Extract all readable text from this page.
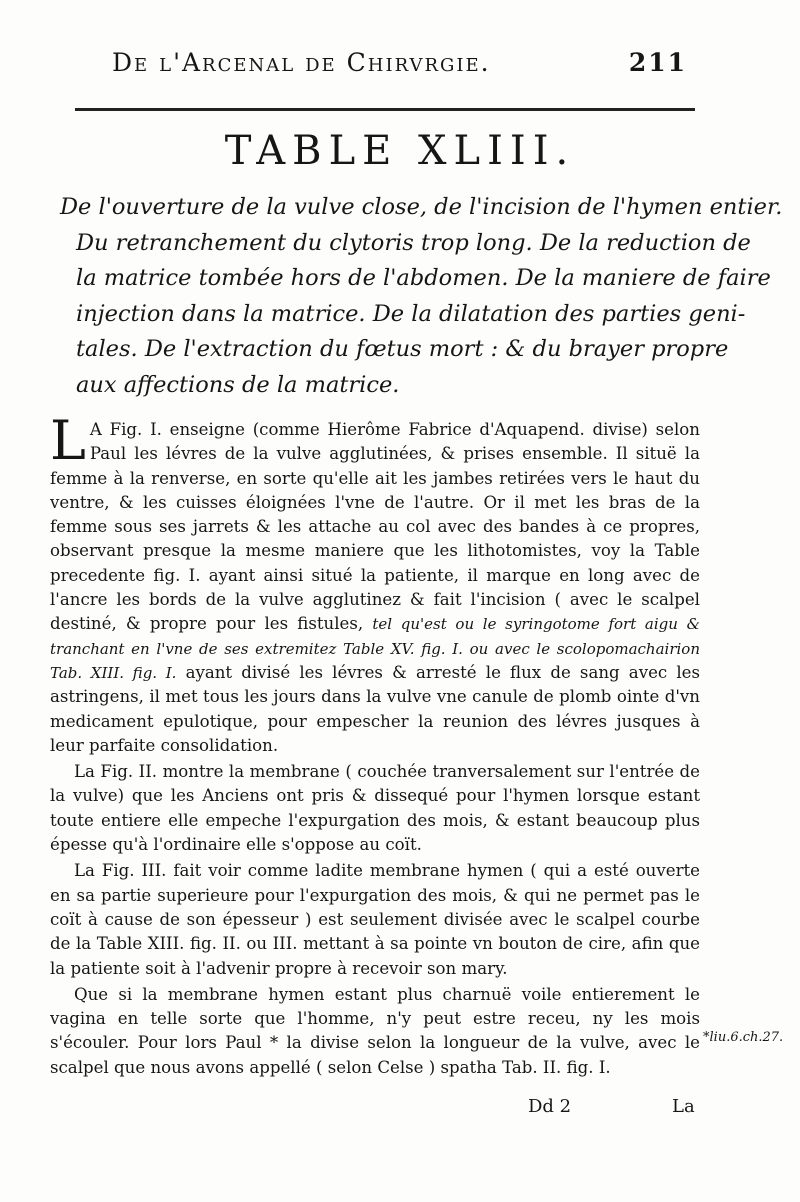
De l'Arcenal de Chirvrgie.	211
TABLE XLIII.
De l'ouverture de la vulve close, de l'incision de l'hymen entier.
Du retranchement du clytoris trop long. De la reduction de
la matrice tombée hors de l'abdomen. De la maniere de faire
injection dans la matrice. De la dilatation des parties geni-
tales. De l'extraction du fœtus mort : & du brayer propre
aux affections de la matrice.

L A Fig. I. enseigne (comme Hierôme Fabrice d'Aquapend. divise) selon Paul les lévres de la vulve agglutinées, & prises ensemble. Il situë la femme à la renverse, en sorte qu'elle ait les jambes retirées vers le haut du ventre, & les cuisses éloignées l'vne de l'autre. Or il met les bras de la femme sous ses jarrets & les attache au col avec des bandes à ce propres, observant presque la mesme maniere que les lithotomistes, voy la Table precedente fig. I. ayant ainsi situé la patiente, il marque en long avec de l'ancre les bords de la vulve agglutinez & fait l'incision ( avec le scalpel destiné, & propre pour les fistules, tel qu'est ou le syringotome fort aigu & tranchant en l'vne de ses extremitez Table XV. fig. I. ou avec le scolopomachairion Tab. XIII. fig. I. ayant divisé les lévres & arresté le flux de sang avec les astringens, il met tous les jours dans la vulve vne canule de plomb ointe d'vn medicament epulotique, pour empescher la reunion des lévres jusques à leur parfaite consolidation.

La Fig. II. montre la membrane ( couchée tranversalement sur l'entrée de la vulve) que les Anciens ont pris & dissequé pour l'hymen lorsque estant toute entiere elle empeche l'expurgation des mois, & estant beaucoup plus épesse qu'à l'ordinaire elle s'oppose au coït.

La Fig. III. fait voir comme ladite membrane hymen ( qui a esté ouverte en sa partie superieure pour l'expurgation des mois, & qui ne permet pas le coït à cause de son épesseur ) est seulement divisée avec le scalpel courbe de la Table XIII. fig. II. ou III. mettant à sa pointe vn bouton de cire, afin que la patiente soit à l'advenir propre à recevoir son mary.

Que si la membrane hymen estant plus charnuë voile entierement le vagina en telle sorte que l'homme, n'y peut estre receu, ny les mois s'écouler. Pour lors Paul * la divise selon la longueur de la vulve, avec le scalpel que nous avons appellé ( selon Celse ) spatha Tab. II. fig. I.

*liu.6.ch.27.
Dd 2	La
